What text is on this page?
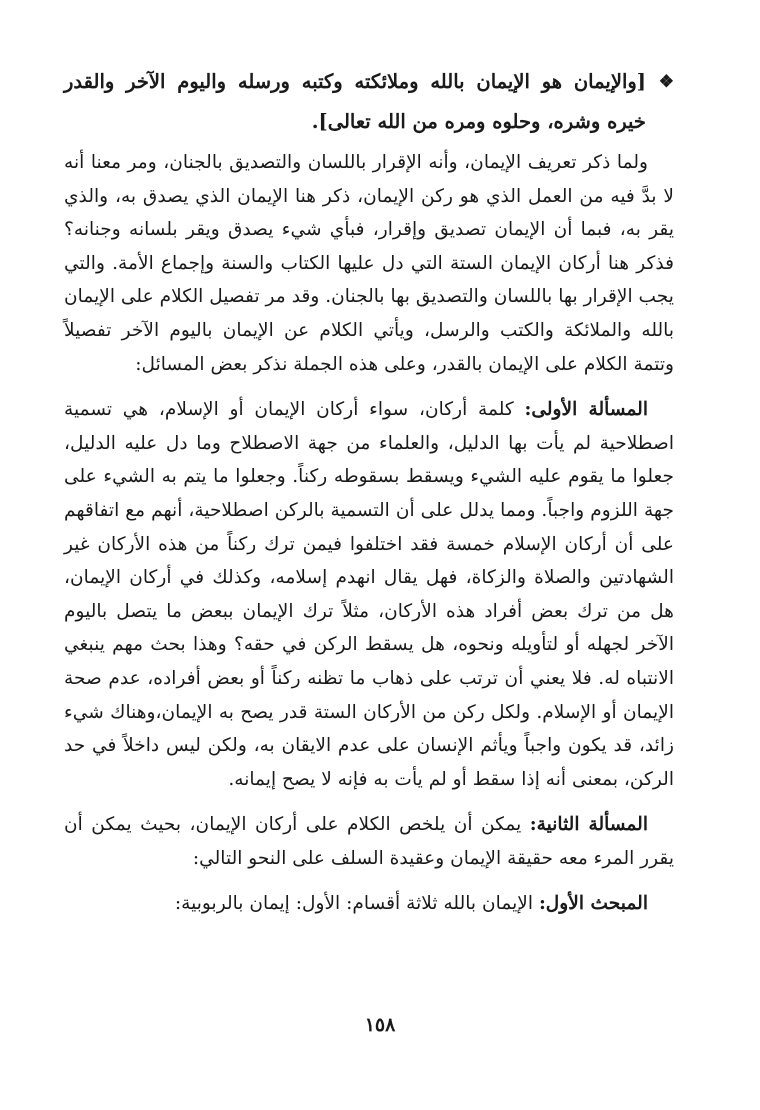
❖
[والإيمان هو الإيمان بالله وملائكته وكتبه ورسله واليوم الآخر والقدر خيره وشره، وحلوه ومره من الله تعالى].

ولما ذكر تعريف الإيمان، وأنه الإقرار باللسان والتصديق بالجنان، ومر معنا أنه لا بدَّ فيه من العمل الذي هو ركن الإيمان، ذكر هنا الإيمان الذي يصدق به، والذي يقر به، فبما أن الإيمان تصديق وإقرار، فبأي شيء يصدق ويقر بلسانه وجنانه؟ فذكر هنا أركان الإيمان الستة التي دل عليها الكتاب والسنة وإجماع الأمة. والتي يجب الإقرار بها باللسان والتصديق بها بالجنان. وقد مر تفصيل الكلام على الإيمان بالله والملائكة والكتب والرسل، ويأتي الكلام عن الإيمان باليوم الآخر تفصيلاً وتتمة الكلام على الإيمان بالقدر، وعلى هذه الجملة نذكر بعض المسائل:

المسألة الأولى: كلمة أركان، سواء أركان الإيمان أو الإسلام، هي تسمية اصطلاحية لم يأت بها الدليل، والعلماء من جهة الاصطلاح وما دل عليه الدليل، جعلوا ما يقوم عليه الشيء ويسقط بسقوطه ركناً. وجعلوا ما يتم به الشيء على جهة اللزوم واجباً. ومما يدلل على أن التسمية بالركن اصطلاحية، أنهم مع اتفاقهم على أن أركان الإسلام خمسة فقد اختلفوا فيمن ترك ركناً من هذه الأركان غير الشهادتين والصلاة والزكاة، فهل يقال انهدم إسلامه، وكذلك في أركان الإيمان، هل من ترك بعض أفراد هذه الأركان، مثلاً ترك الإيمان ببعض ما يتصل باليوم الآخر لجهله أو لتأويله ونحوه، هل يسقط الركن في حقه؟ وهذا بحث مهم ينبغي الانتباه له. فلا يعني أن ترتب على ذهاب ما تظنه ركناً أو بعض أفراده، عدم صحة الإيمان أو الإسلام. ولكل ركن من الأركان الستة قدر يصح به الإيمان،وهناك شيء زائد، قد يكون واجباً ويأثم الإنسان على عدم الايقان به، ولكن ليس داخلاً في حد الركن، بمعنى أنه إذا سقط أو لم يأت به فإنه لا يصح إيمانه.

المسألة الثانية: يمكن أن يلخص الكلام على أركان الإيمان، بحيث يمكن أن يقرر المرء معه حقيقة الإيمان وعقيدة السلف على النحو التالي:

المبحث الأول: الإيمان بالله ثلاثة أقسام: الأول: إيمان بالربوبية:

١٥٨
